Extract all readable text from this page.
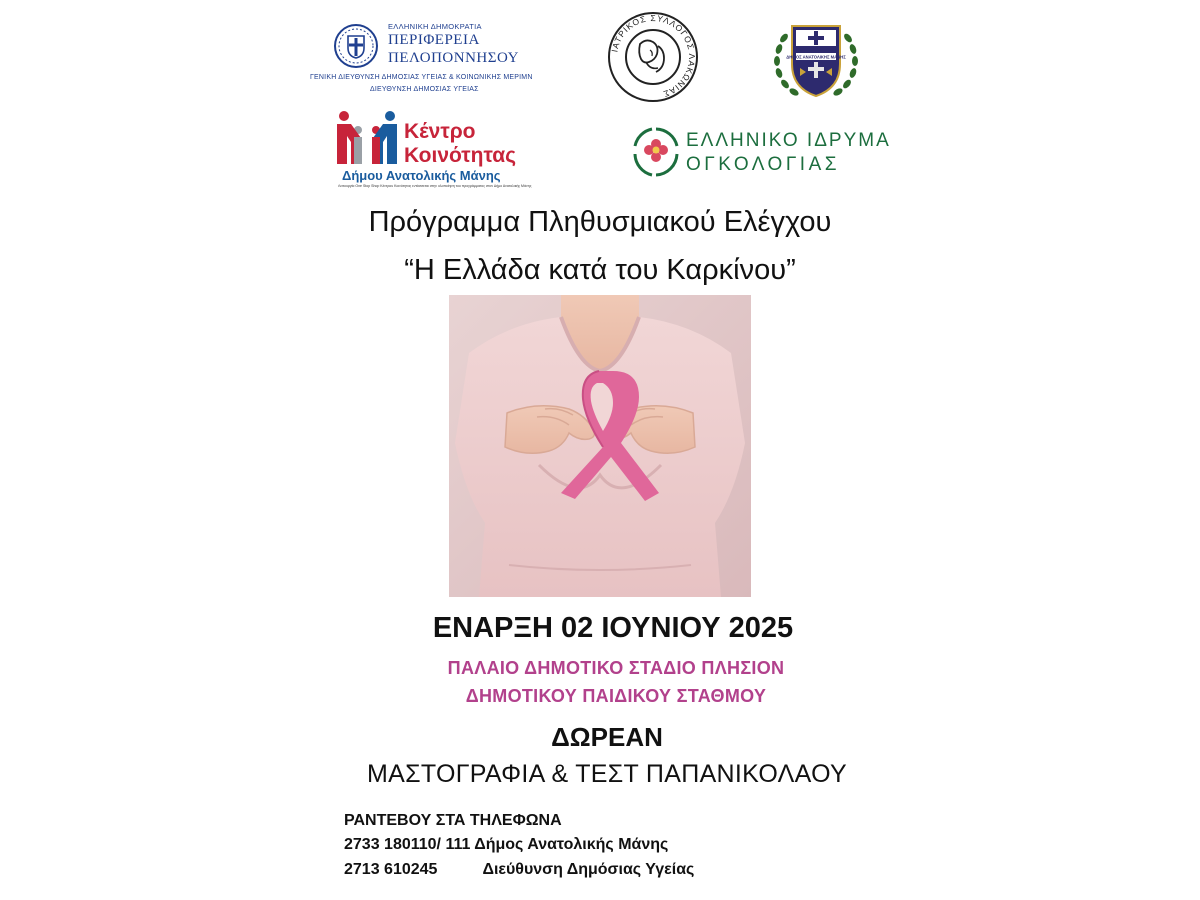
ΕΛΛΗΝΙΚΗ ΔΗΜΟΚΡΑΤΙΑ
ΠΕΡΙΦΕΡΕΙΑ
ΠΕΛΟΠΟΝΝΗΣΟΥ
ΓΕΝΙΚΗ ΔΙΕΥΘΥΝΣΗ ΔΗΜΟΣΙΑΣ ΥΓΕΙΑΣ & ΚΟΙΝΩΝΙΚΗΣ ΜΕΡΙΜΝ
ΔΙΕΥΘΥΝΣΗ ΔΗΜΟΣΙΑΣ ΥΓΕΙΑΣ
ΙΑΤΡΙΚΟΣ ΣΥΛΛΟΓΟΣ ΛΑΚΩΝΙΑΣ
ΔΗΜΟΣ ΑΝΑΤΟΛΙΚΗΣ ΜΑΝΗΣ
Κέντρο
Κοινότητας
Δήμου Ανατολικής Μάνης
Λειτουργία One Stop Shop Κέντρου Κοινότητας εντάσσεται στην υλοποίηση του προγράμματος στον Δήμο Ανατολικής Μάνης
ΕΛΛΗΝΙΚΟ ΙΔΡΥΜΑ
ΟΓΚΟΛΟΓΙΑΣ
Πρόγραμμα Πληθυσμιακού Ελέγχου
“Η Ελλάδα κατά του Καρκίνου”
ΕΝΑΡΞΗ 02 ΙΟΥΝΙΟΥ 2025
ΠΑΛΑΙΟ ΔΗΜΟΤΙΚΟ ΣΤΑΔΙΟ ΠΛΗΣΙΟΝ
ΔΗΜΟΤΙΚΟΥ ΠΑΙΔΙΚΟΥ ΣΤΑΘΜΟΥ
ΔΩΡΕΑΝ
ΜΑΣΤΟΓΡΑΦΙΑ & ΤΕΣΤ ΠΑΠΑΝΙΚΟΛΑΟΥ
ΡΑΝΤΕΒΟΥ ΣΤΑ ΤΗΛΕΦΩΝΑ
2733 180110/ 111 Δήμος Ανατολικής Μάνης
2713 610245	Διεύθυνση Δημόσιας Υγείας
